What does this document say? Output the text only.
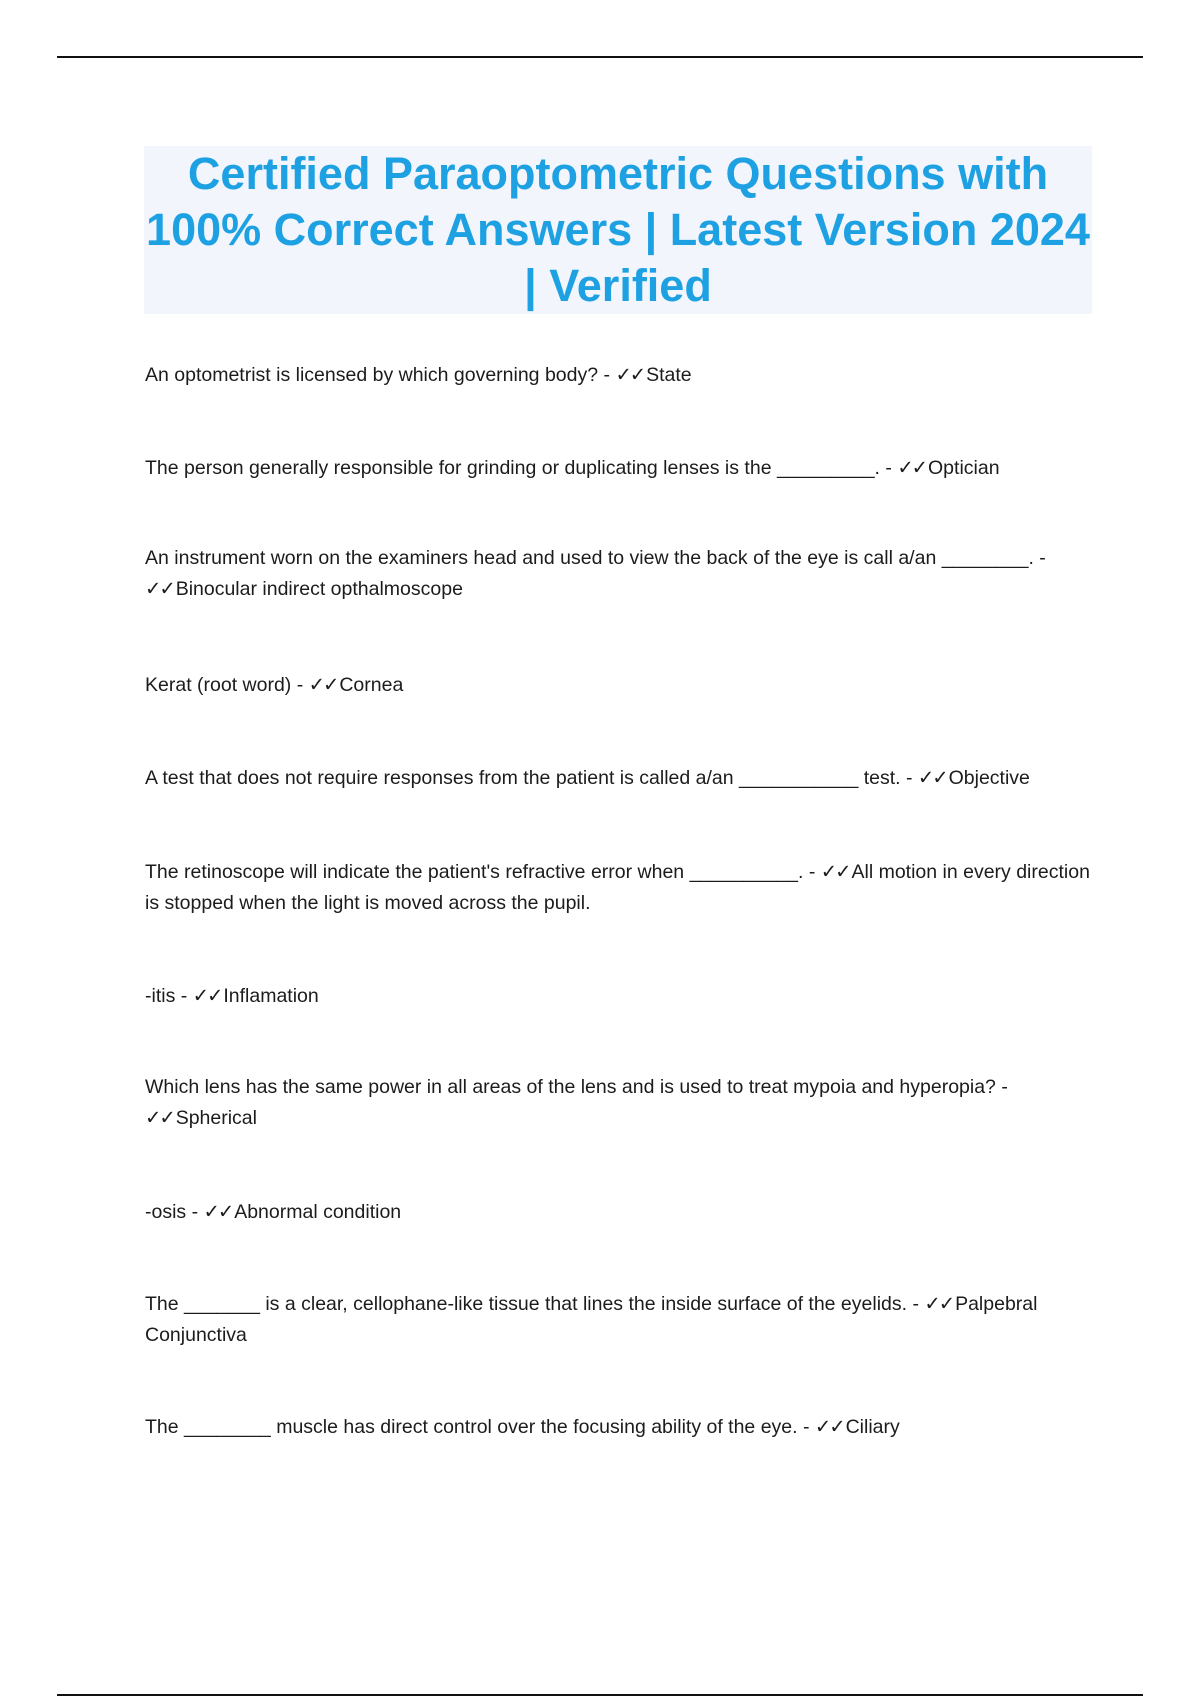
Certified Paraoptometric Questions with 100% Correct Answers | Latest Version 2024 | Verified

An optometrist is licensed by which governing body? - ✓✓ State

The person generally responsible for grinding or duplicating lenses is the _________. - ✓✓ Optician

An instrument worn on the examiners head and used to view the back of the eye is call a/an ________. - ✓✓ Binocular indirect opthalmoscope

Kerat (root word) - ✓✓ Cornea

A test that does not require responses from the patient is called a/an ___________ test. - ✓✓ Objective

The retinoscope will indicate the patient's refractive error when __________. - ✓✓ All motion in every direction is stopped when the light is moved across the pupil.

-itis - ✓✓ Inflamation

Which lens has the same power in all areas of the lens and is used to treat mypoia and hyperopia? - ✓✓ Spherical

-osis - ✓✓ Abnormal condition

The _______ is a clear, cellophane-like tissue that lines the inside surface of the eyelids. - ✓✓ Palpebral Conjunctiva

The ________ muscle has direct control over the focusing ability of the eye. - ✓✓ Ciliary
